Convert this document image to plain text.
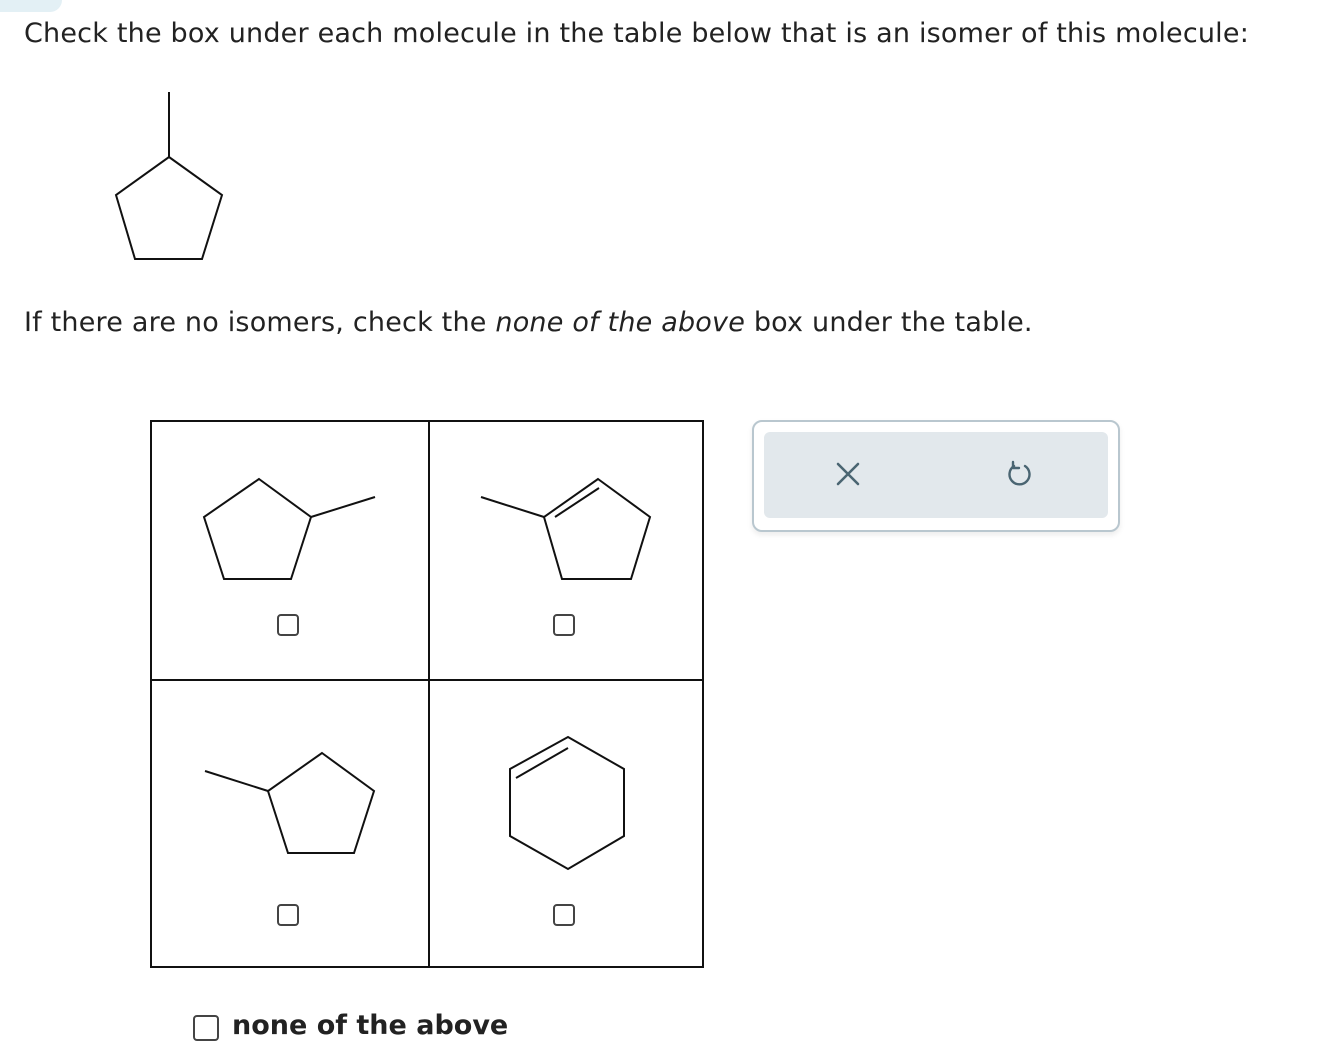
Check the box under each molecule in the table below that is an isomer of this molecule:

If there are no isomers, check the none of the above box under the table.

none of the above
